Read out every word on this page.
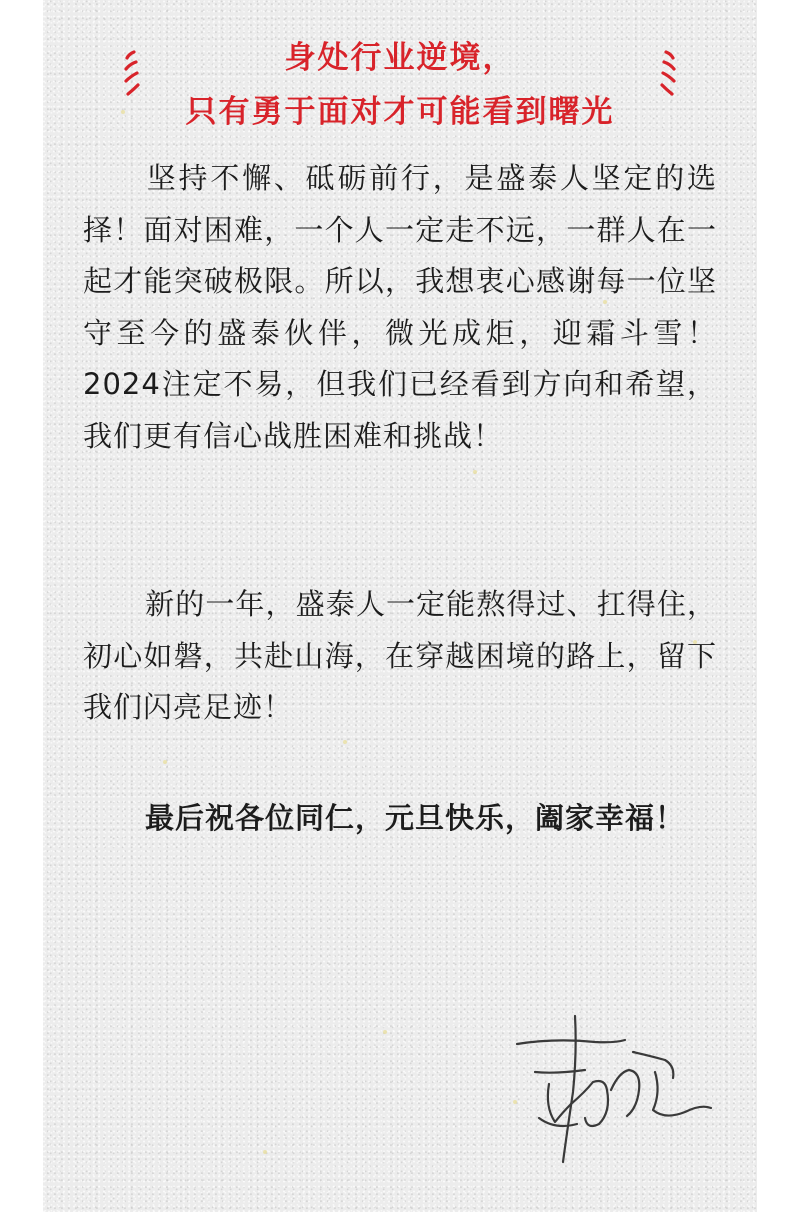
身处行业逆境，
只有勇于面对才可能看到曙光

坚持不懈、砥砺前行，是盛泰人坚定的选择！面对困难，一个人一定走不远，一群人在一起才能突破极限。所以，我想衷心感谢每一位坚守至今的盛泰伙伴，微光成炬，迎霜斗雪！2024注定不易，但我们已经看到方向和希望，我们更有信心战胜困难和挑战！

新的一年，盛泰人一定能熬得过、扛得住，初心如磐，共赴山海，在穿越困境的路上，留下我们闪亮足迹！

最后祝各位同仁，元旦快乐，阖家幸福！
